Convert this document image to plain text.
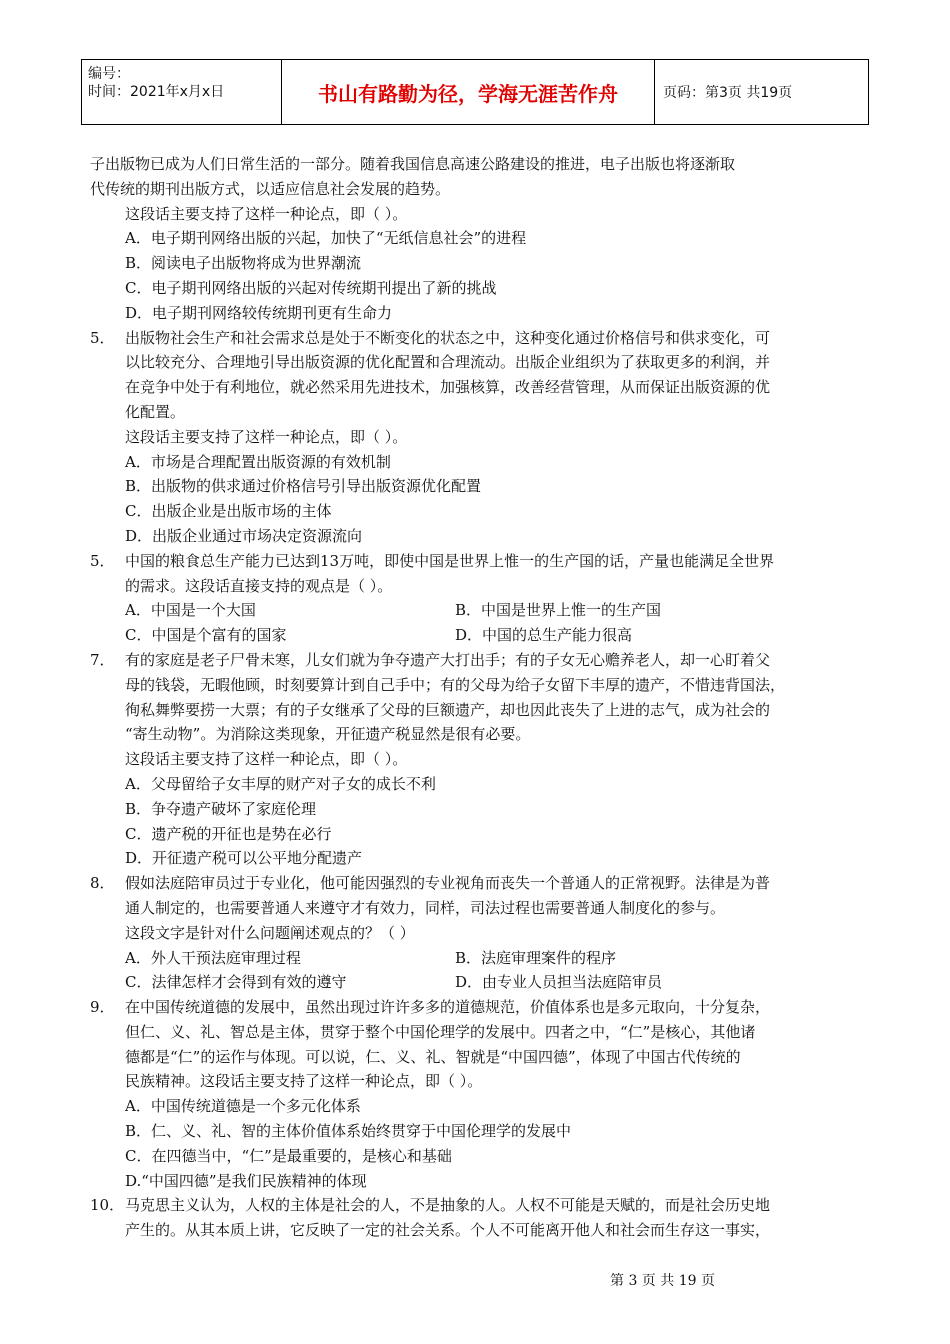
编号：
时间：2021年x月x日	书山有路勤为径，学海无涯苦作舟	页码：第3页 共19页
子出版物已成为人们日常生活的一部分。随着我国信息高速公路建设的推进，电子出版也将逐渐取
代传统的期刊出版方式，以适应信息社会发展的趋势。
这段话主要支持了这样一种论点，即（ ）。
A．电子期刊网络出版的兴起，加快了“无纸信息社会”的进程
B．阅读电子出版物将成为世界潮流
C．电子期刊网络出版的兴起对传统期刊提出了新的挑战
D．电子期刊网络较传统期刊更有生命力
5． 出版物社会生产和社会需求总是处于不断变化的状态之中，这种变化通过价格信号和供求变化，可
以比较充分、合理地引导出版资源的优化配置和合理流动。出版企业组织为了获取更多的利润，并
在竞争中处于有利地位，就必然采用先进技术，加强核算，改善经营管理，从而保证出版资源的优
化配置。
这段话主要支持了这样一种论点，即（ ）。
A．市场是合理配置出版资源的有效机制
B．出版物的供求通过价格信号引导出版资源优化配置
C．出版企业是出版市场的主体
D．出版企业通过市场决定资源流向
5． 中国的粮食总生产能力已达到13万吨，即使中国是世界上惟一的生产国的话，产量也能满足全世界
的需求。这段话直接支持的观点是（ ）。
A．中国是一个大国	B．中国是世界上惟一的生产国
C．中国是个富有的国家	D．中国的总生产能力很高
7． 有的家庭是老子尸骨未寒，儿女们就为争夺遗产大打出手；有的子女无心赡养老人，却一心盯着父
母的钱袋，无暇他顾，时刻要算计到自己手中；有的父母为给子女留下丰厚的遗产，不惜违背国法，
徇私舞弊要捞一大票；有的子女继承了父母的巨额遗产，却也因此丧失了上进的志气，成为社会的
“寄生动物”。为消除这类现象，开征遗产税显然是很有必要。
这段话主要支持了这样一种论点，即（ ）。
A．父母留给子女丰厚的财产对子女的成长不利
B．争夺遗产破坏了家庭伦理
C．遗产税的开征也是势在必行
D．开征遗产税可以公平地分配遗产
8． 假如法庭陪审员过于专业化，他可能因强烈的专业视角而丧失一个普通人的正常视野。法律是为普
通人制定的，也需要普通人来遵守才有效力，同样，司法过程也需要普通人制度化的参与。
这段文字是针对什么问题阐述观点的？（ ）
A．外人干预法庭审理过程	B．法庭审理案件的程序
C．法律怎样才会得到有效的遵守	D．由专业人员担当法庭陪审员
9． 在中国传统道德的发展中，虽然出现过许许多多的道德规范，价值体系也是多元取向，十分复杂，
但仁、义、礼、智总是主体，贯穿于整个中国伦理学的发展中。四者之中，“仁”是核心，其他诸
德都是“仁”的运作与体现。可以说，仁、义、礼、智就是“中国四德”，体现了中国古代传统的
民族精神。这段话主要支持了这样一种论点，即（ ）。
A．中国传统道德是一个多元化体系
B．仁、义、礼、智的主体价值体系始终贯穿于中国伦理学的发展中
C．在四德当中，“仁”是最重要的，是核心和基础
D.“中国四德”是我们民族精神的体现
10．马克思主义认为，人权的主体是社会的人，不是抽象的人。人权不可能是天赋的，而是社会历史地
产生的。从其本质上讲，它反映了一定的社会关系。个人不可能离开他人和社会而生存这一事实，
第 3 页 共 19 页
